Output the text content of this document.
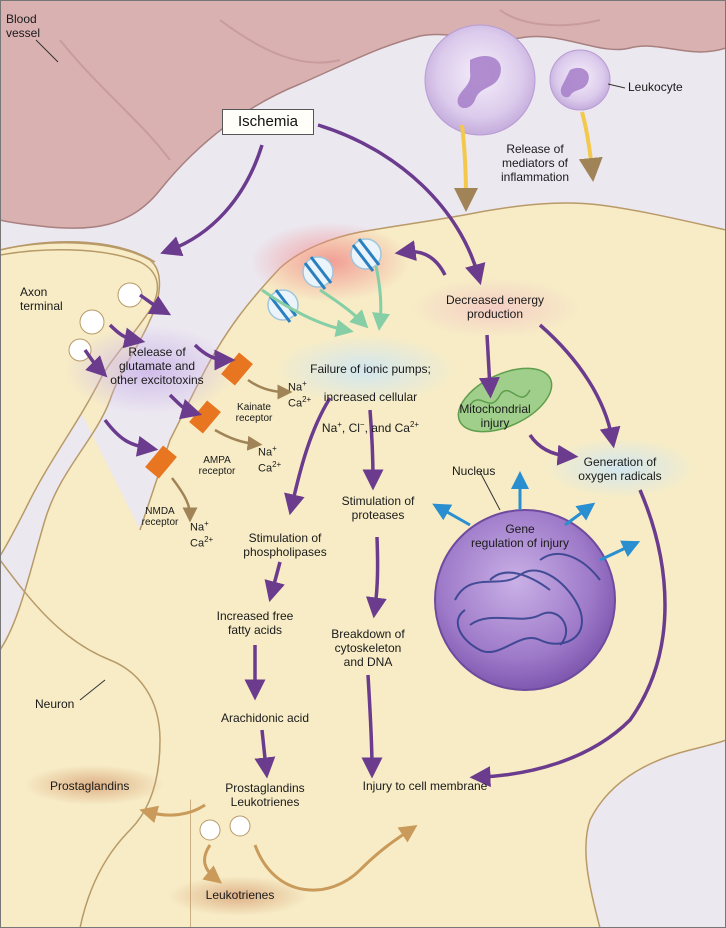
Ischemia
Blood
vessel
Leukocyte
Release of
mediators of
inflammation
Axon
terminal
Release of
glutamate and
other excitotoxins
Decreased energy
production

Failure of ionic pumps;

increased cellular

Na+, Cl−, and $Ca^{2+}$

Kainate
receptor
AMPA
receptor
NMDA
receptor
Na+
$Ca^{2+}$
Na+
$Ca^{2+}$
Na+
$Ca^{2+}$
Mitochondrial
injury
Generation of
oxygen radicals
Nucleus
Gene
regulation of injury
Stimulation of
proteases
Stimulation of
phospholipases
Increased free
fatty acids	Breakdown of
cytoskeleton
and DNA
Neuron
Arachidonic acid
Prostaglandins	Prostaglandins
Leukotrienes
Injury to cell membrane
Leukotrienes
